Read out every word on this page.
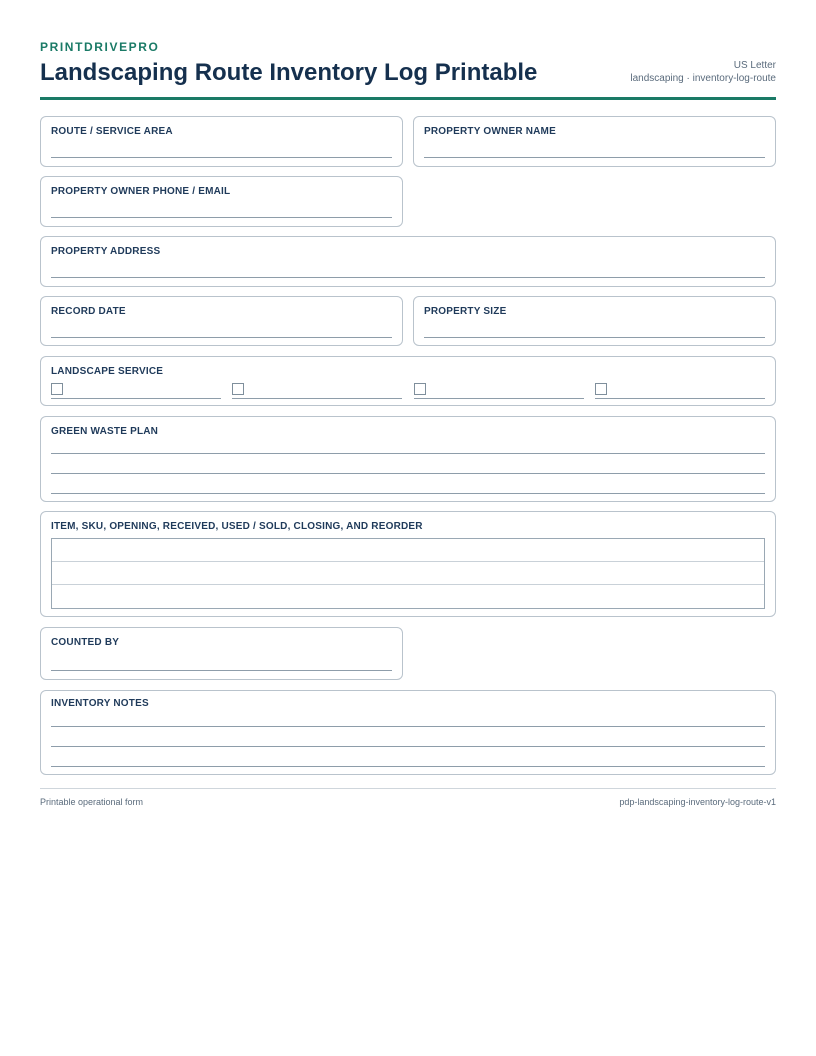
PRINTDRIVEPRO
Landscaping Route Inventory Log Printable	US Letter
landscaping · inventory-log-route
ROUTE / SERVICE AREA	PROPERTY OWNER NAME
PROPERTY OWNER PHONE / EMAIL
PROPERTY ADDRESS
RECORD DATE	PROPERTY SIZE
LANDSCAPE SERVICE
GREEN WASTE PLAN
ITEM, SKU, OPENING, RECEIVED, USED / SOLD, CLOSING, AND REORDER
COUNTED BY
INVENTORY NOTES
Printable operational form	pdp-landscaping-inventory-log-route-v1
